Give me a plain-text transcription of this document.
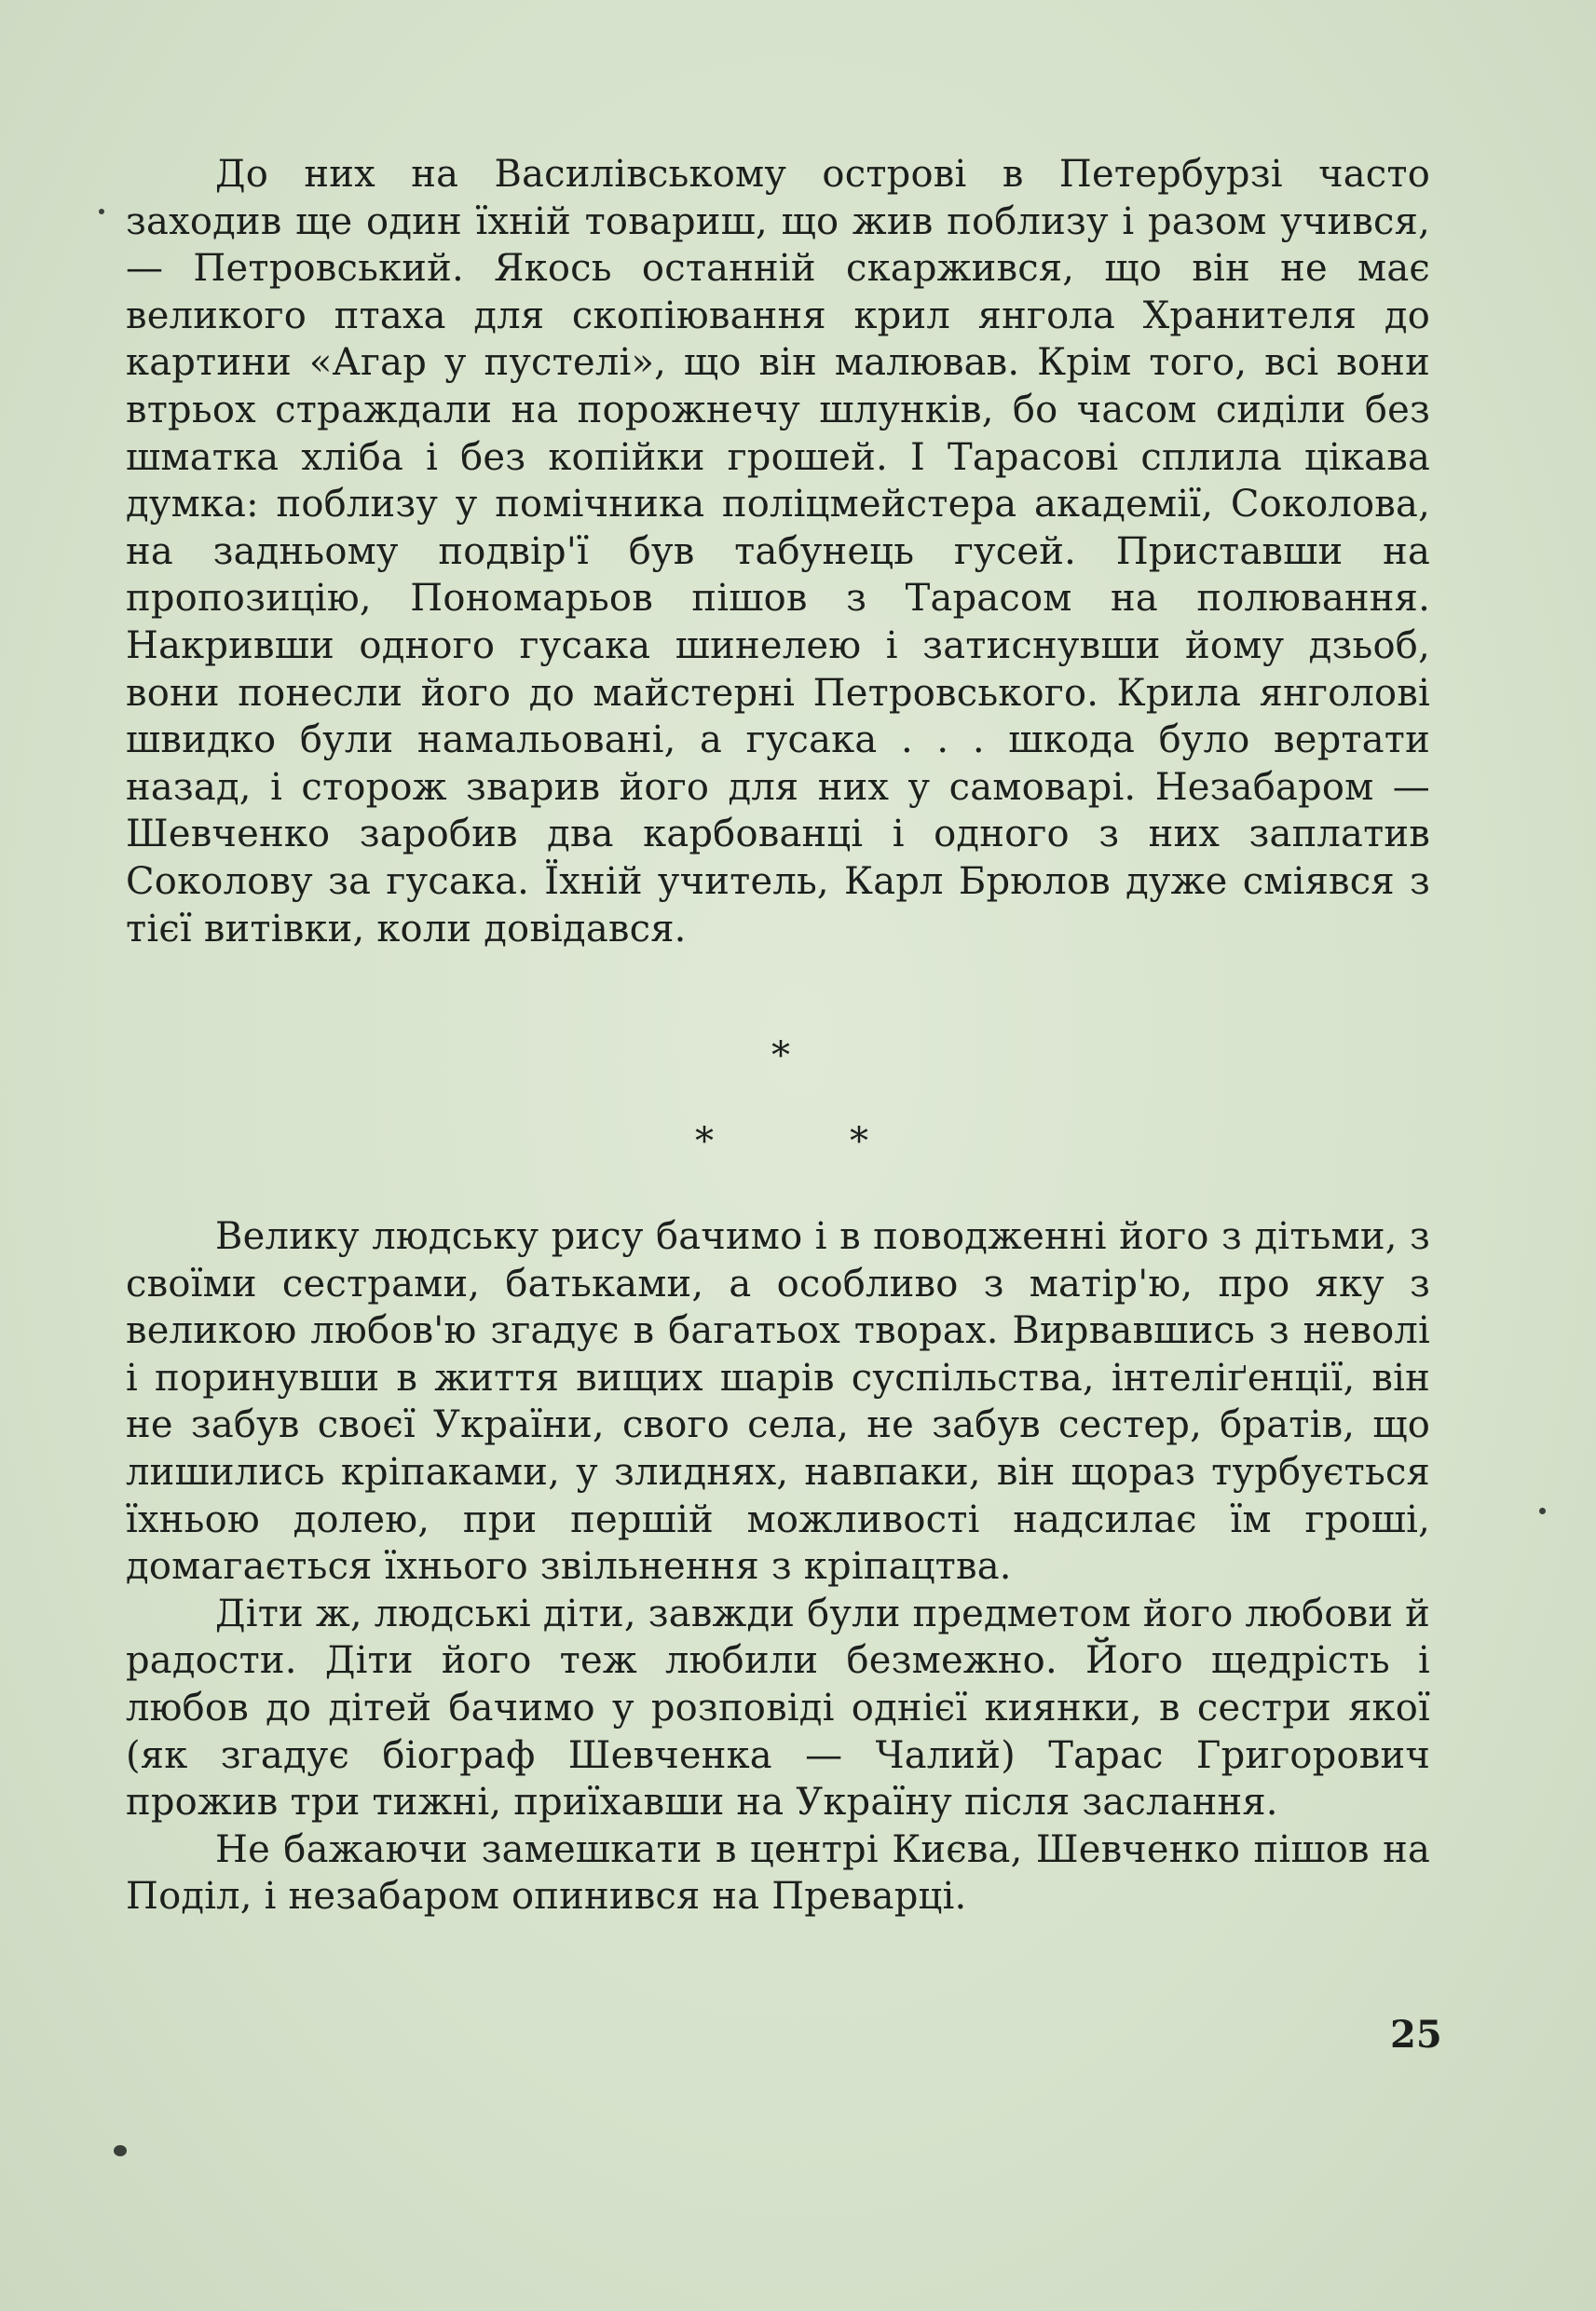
До них на Василівському острові в Петербурзі часто заходив ще один їхній товариш, що жив поблизу і разом учився, — Петровський. Якось останній скаржився, що він не має великого птаха для скопіювання крил янгола Хранителя до картини «Агар у пустелі», що він малював. Крім того, всі вони втрьох страждали на порожнечу шлунків, бо часом сиділи без шматка хліба і без копійки грошей. І Тарасові сплила цікава думка: поблизу у помічника поліцмейстера академії, Соколова, на задньому подвір'ї був табунець гусей. Приставши на пропозицію, Пономарьов пішов з Тарасом на полювання. Накривши одного гусака шинелею і затиснувши йому дзьоб, вони понесли його до майстерні Петровського. Крила янголові швидко були намальовані, а гусака . . . шкода було вертати назад, і сторож зварив його для них у самоварі. Незабаром —Шевченко заробив два карбованці і одного з них заплатив Соколову за гусака. Їхній учитель, Карл Брюлов дуже сміявся з тієї витівки, коли довідався.

*
*	*

Велику людську рису бачимо і в поводженні його з дітьми, з своїми сестрами, батьками, а особливо з матір'ю, про яку з великою любов'ю згадує в багатьох творах. Вирвавшись з неволі і поринувши в життя вищих шарів суспільства, інтеліґенції, він не забув своєї України, свого села, не забув сестер, братів, що лишились кріпаками, у злиднях, навпаки, він щораз турбується їхньою долею, при першій можливості надсилає їм гроші, домагається їхнього звільнення з кріпацтва.

Діти ж, людські діти, завжди були предметом його любови й радости. Діти його теж любили безмежно. Його щедрість і любов до дітей бачимо у розповіді однієї киянки, в сестри якої (як згадує біограф Шевченка — Чалий) Тарас Григорович прожив три тижні, приїхавши на Україну після заслання.

Не бажаючи замешкати в центрі Києва, Шевченко пішов на Поділ, і незабаром опинився на Преварці.

25
